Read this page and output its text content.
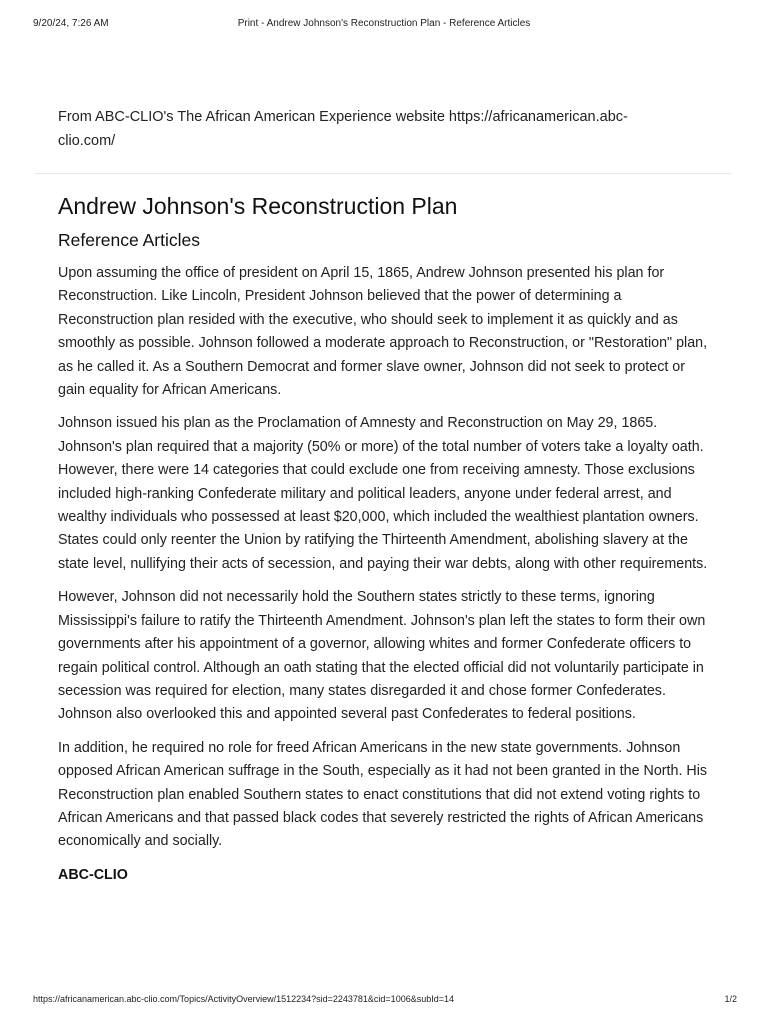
9/20/24, 7:26 AM	Print - Andrew Johnson's Reconstruction Plan - Reference Articles
From ABC-CLIO's The African American Experience website https://africanamerican.abc-clio.com/
Andrew Johnson's Reconstruction Plan
Reference Articles

Upon assuming the office of president on April 15, 1865, Andrew Johnson presented his plan for Reconstruction. Like Lincoln, President Johnson believed that the power of determining a Reconstruction plan resided with the executive, who should seek to implement it as quickly and as smoothly as possible. Johnson followed a moderate approach to Reconstruction, or "Restoration" plan, as he called it. As a Southern Democrat and former slave owner, Johnson did not seek to protect or gain equality for African Americans.

Johnson issued his plan as the Proclamation of Amnesty and Reconstruction on May 29, 1865. Johnson's plan required that a majority (50% or more) of the total number of voters take a loyalty oath. However, there were 14 categories that could exclude one from receiving amnesty. Those exclusions included high-ranking Confederate military and political leaders, anyone under federal arrest, and wealthy individuals who possessed at least $20,000, which included the wealthiest plantation owners. States could only reenter the Union by ratifying the Thirteenth Amendment, abolishing slavery at the state level, nullifying their acts of secession, and paying their war debts, along with other requirements.

However, Johnson did not necessarily hold the Southern states strictly to these terms, ignoring Mississippi's failure to ratify the Thirteenth Amendment. Johnson's plan left the states to form their own governments after his appointment of a governor, allowing whites and former Confederate officers to regain political control. Although an oath stating that the elected official did not voluntarily participate in secession was required for election, many states disregarded it and chose former Confederates. Johnson also overlooked this and appointed several past Confederates to federal positions.

In addition, he required no role for freed African Americans in the new state governments. Johnson opposed African American suffrage in the South, especially as it had not been granted in the North. His Reconstruction plan enabled Southern states to enact constitutions that did not extend voting rights to African Americans and that passed black codes that severely restricted the rights of African Americans economically and socially.

ABC-CLIO
https://africanamerican.abc-clio.com/Topics/ActivityOverview/1512234?sid=2243781&cid=1006&subId=14	1/2
